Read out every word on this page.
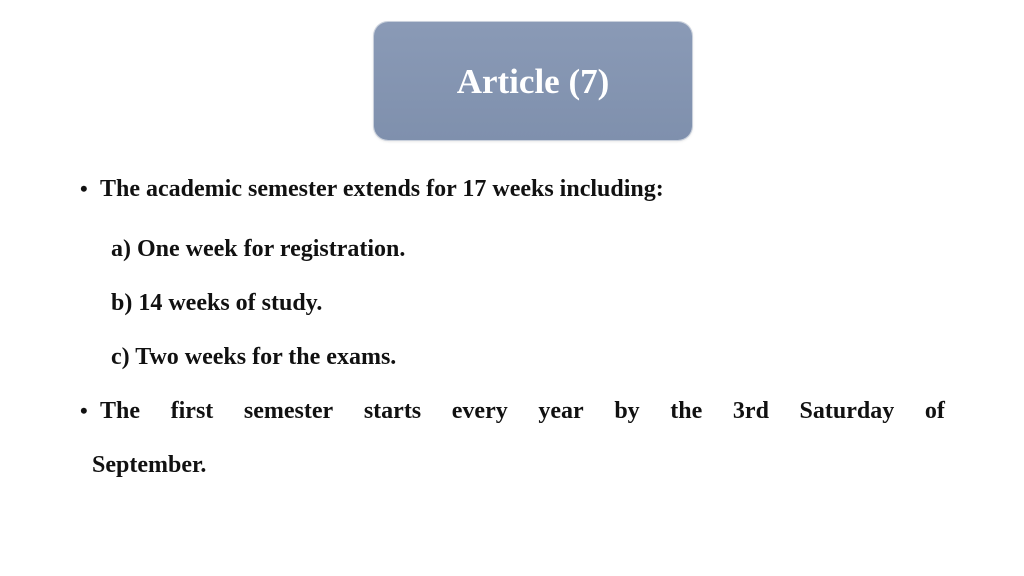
Article (7)
• The academic semester extends for 17 weeks including:
a) One week for registration.
b) 14 weeks of study.
c) Two weeks for the exams.
• The first semester starts every year by the 3rd Saturday of
September.
